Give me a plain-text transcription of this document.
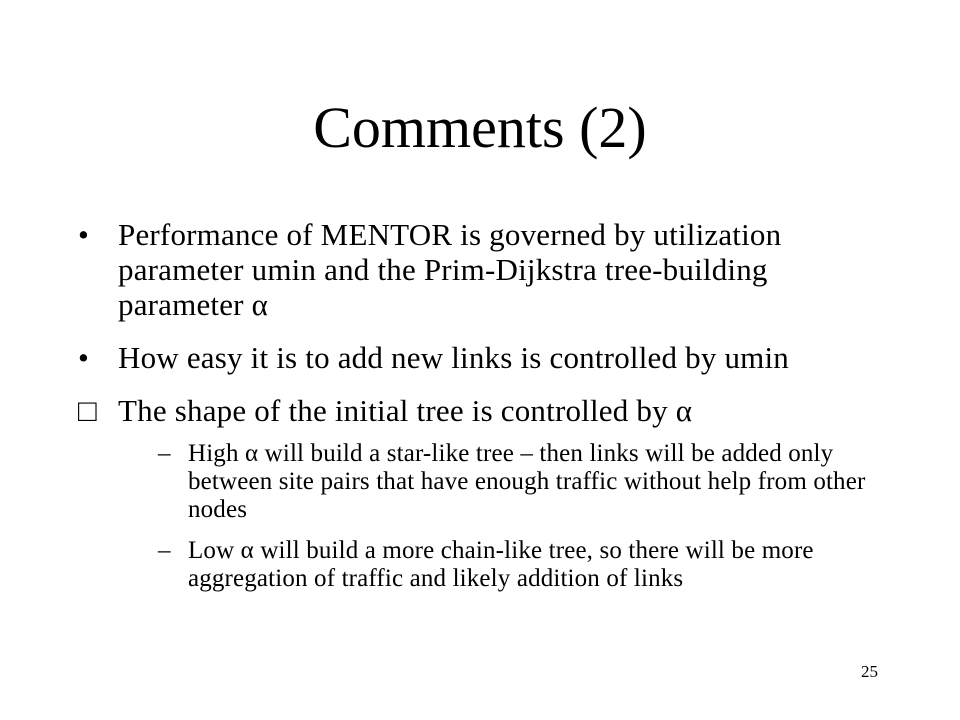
Comments (2)
• Performance of MENTOR is governed by utilization parameter umin and the Prim-Dijkstra tree-building parameter α
• How easy it is to add new links is controlled by umin
□ The shape of the initial tree is controlled by α
– High α will build a star-like tree – then links will be added only between site pairs that have enough traffic without help from other nodes
– Low α will build a more chain-like tree, so there will be more aggregation of traffic and likely addition of links
25
